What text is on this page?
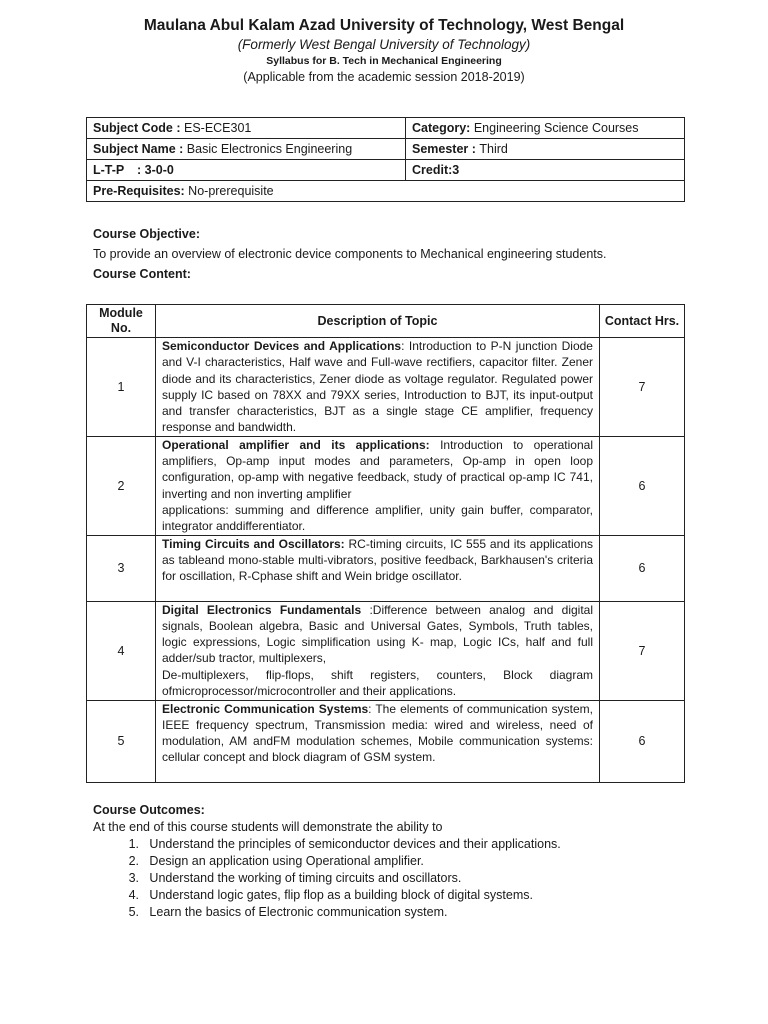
Maulana Abul Kalam Azad University of Technology, West Bengal
(Formerly West Bengal University of Technology)
Syllabus for B. Tech in Mechanical Engineering
(Applicable from the academic session 2018-2019)
Subject Code : ES-ECE301	Category: Engineering Science Courses
Subject Name : Basic Electronics Engineering	Semester : Third
L-T-P : 3-0-0	Credit:3
Pre-Requisites: No-prerequisite	
Course Objective:
To provide an overview of electronic device components to Mechanical engineering students.
Course Content:
Module No.	Description of Topic	Contact Hrs.
1	Semiconductor Devices and Applications: Introduction to P-N junction Diode and V-I characteristics, Half wave and Full-wave rectifiers, capacitor filter. Zener diode and its characteristics, Zener diode as voltage regulator. Regulated power supply IC based on 78XX and 79XX series, Introduction to BJT, its input-output and transfer characteristics, BJT as a single stage CE amplifier, frequency response and bandwidth.	7
2	Operational amplifier and its applications: Introduction to operational amplifiers, Op-amp input modes and parameters, Op-amp in open loop configuration, op-amp with negative feedback, study of practical op-amp IC 741, inverting and non inverting amplifier
applications: summing and difference amplifier, unity gain buffer, comparator, integrator anddifferentiator.	6
3	Timing Circuits and Oscillators: RC-timing circuits, IC 555 and its applications as tableand mono-stable multi-vibrators, positive feedback, Barkhausen's criteria for oscillation, R-Cphase shift and Wein bridge oscillator.	6
4	Digital Electronics Fundamentals :Difference between analog and digital signals, Boolean algebra, Basic and Universal Gates, Symbols, Truth tables, logic expressions, Logic simplification using K- map, Logic ICs, half and full adder/sub tractor, multiplexers,
De-multiplexers, flip-flops, shift registers, counters, Block diagram ofmicroprocessor/microcontroller and their applications.	7
5	Electronic Communication Systems: The elements of communication system, IEEE frequency spectrum, Transmission media: wired and wireless, need of modulation, AM andFM modulation schemes, Mobile communication systems: cellular concept and block diagram of GSM system.	6
Course Outcomes:
At the end of this course students will demonstrate the ability to
1. Understand the principles of semiconductor devices and their applications.
2. Design an application using Operational amplifier.
3. Understand the working of timing circuits and oscillators.
4. Understand logic gates, flip flop as a building block of digital systems.
5. Learn the basics of Electronic communication system.
